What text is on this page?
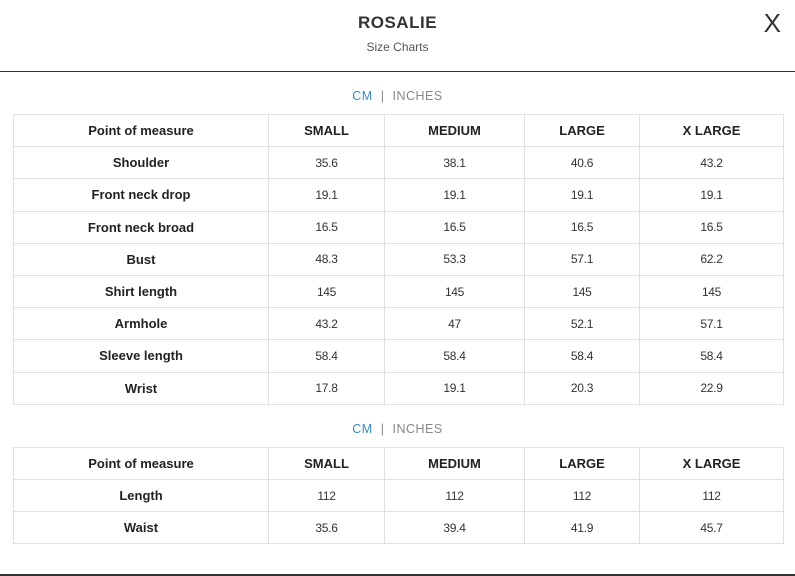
ROSALIE
Size Charts
X
CM | INCHES
Point of measure	SMALL	MEDIUM	LARGE	X LARGE
Shoulder	35.6	38.1	40.6	43.2
Front neck drop	19.1	19.1	19.1	19.1
Front neck broad	16.5	16.5	16.5	16.5
Bust	48.3	53.3	57.1	62.2
Shirt length	145	145	145	145
Armhole	43.2	47	52.1	57.1
Sleeve length	58.4	58.4	58.4	58.4
Wrist	17.8	19.1	20.3	22.9
CM | INCHES
Point of measure	SMALL	MEDIUM	LARGE	X LARGE
Length	112	112	112	112
Waist	35.6	39.4	41.9	45.7
